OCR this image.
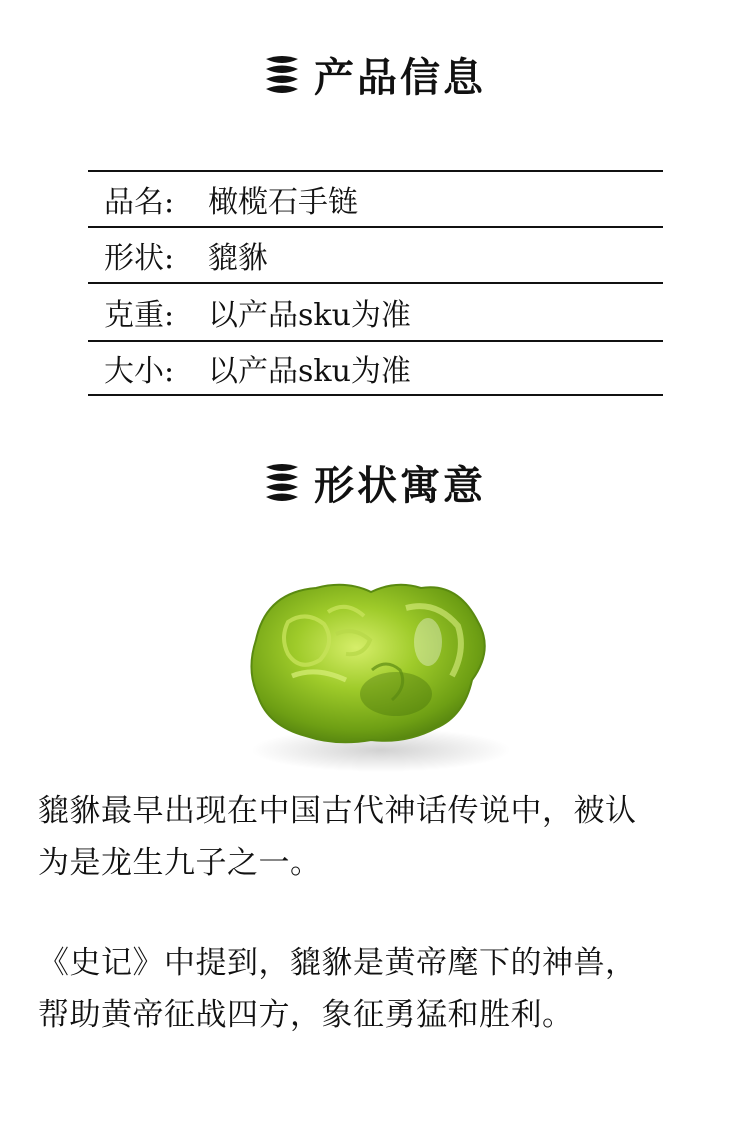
产品信息
品名:	橄榄石手链
形状:	貔貅
克重:	以产品sku为准
大小:	以产品sku为准
形状寓意
貔貅最早出现在中国古代神话传说中，被认
为是龙生九子之一。
《史记》中提到，貔貅是黄帝麾下的神兽，
帮助黄帝征战四方，象征勇猛和胜利。
